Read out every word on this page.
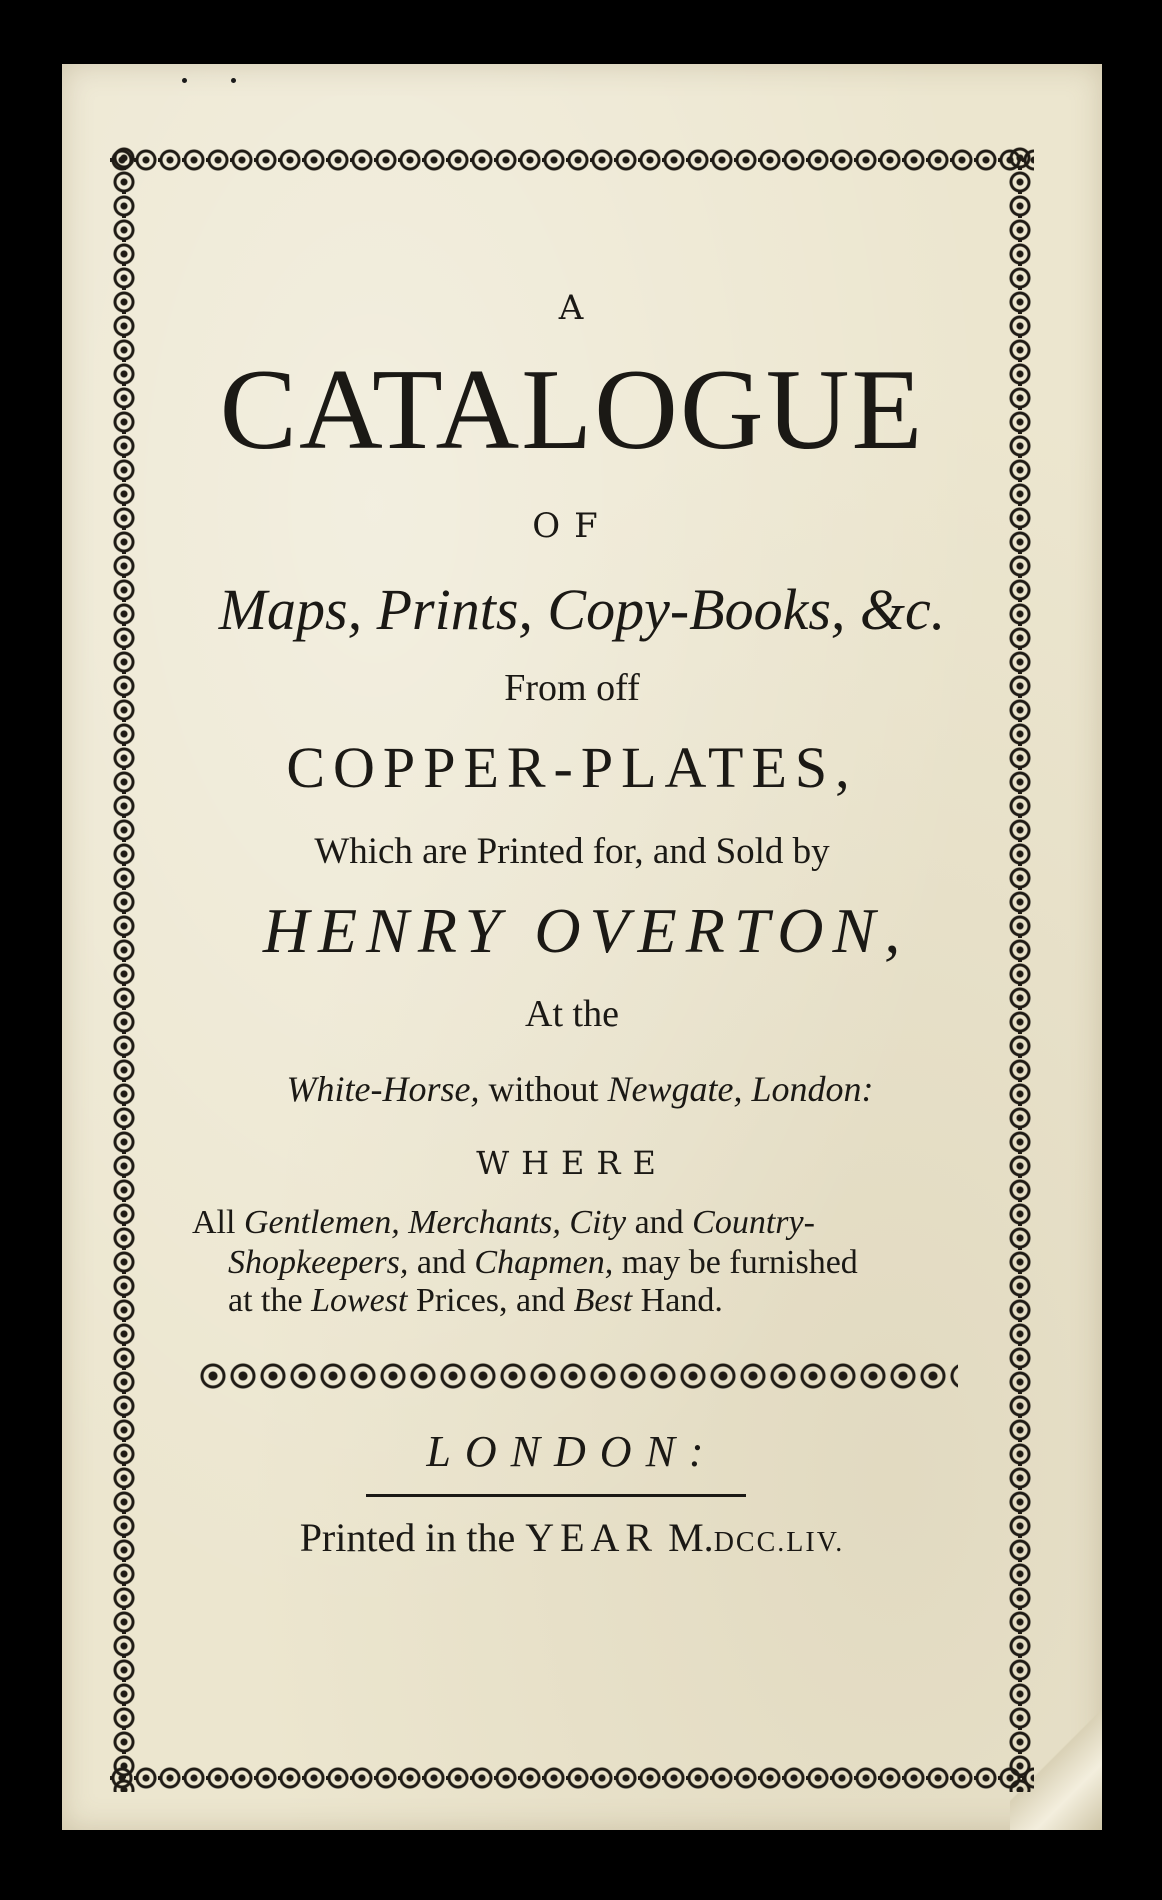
A
CATALOGUE
OF
Maps, Prints, Copy-Books, &c.
From off
COPPER-PLATES,
Which are Printed for, and Sold by
HENRY OVERTON,
At the
White-Horse, without Newgate, London:
WHERE
All Gentlemen, Merchants, City and Country-
Shopkeepers, and Chapmen, may be furnished
at the Lowest Prices, and Best Hand.
LONDON:
Printed in the YEAR M.DCC.LIV.
